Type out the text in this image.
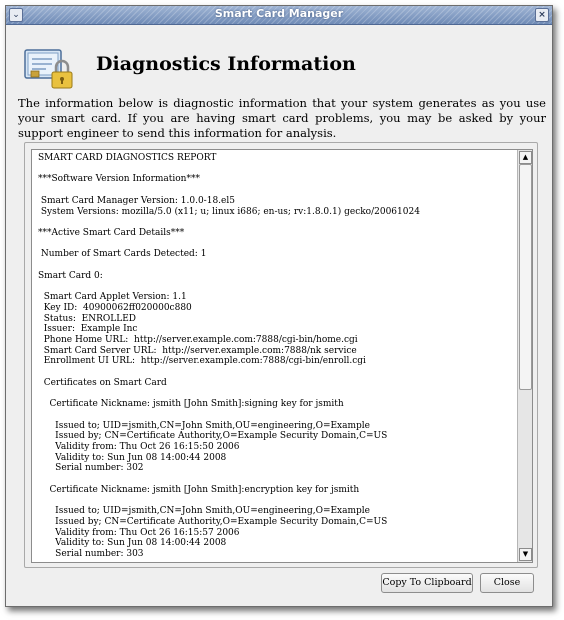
⌄	Smart Card Manager	×
Diagnostics Information
The information below is diagnostic information that your system generates as you use your smart card. If you are having smart card problems, you may be asked by your support engineer to send this information for analysis.
SMART CARD DIAGNOSTICS REPORT

***Software Version Information***

Smart Card Manager Version: 1.0.0-18.el5
System Versions: mozilla/5.0 (x11; u; linux i686; en-us; rv:1.8.0.1) gecko/20061024

***Active Smart Card Details***

Number of Smart Cards Detected: 1

Smart Card 0:

Smart Card Applet Version: 1.1
Key ID:  40900062ff020000c880
Status:  ENROLLED
Issuer:  Example Inc
Phone Home URL:  http://server.example.com:7888/cgi-bin/home.cgi
Smart Card Server URL:  http://server.example.com:7888/nk service
Enrollment UI URL:  http://server.example.com:7888/cgi-bin/enroll.cgi

Certificates on Smart Card

Certificate Nickname: jsmith [John Smith]:signing key for jsmith

Issued to; UID=jsmith,CN=John Smith,OU=engineering,O=Example
Issued by; CN=Certificate Authority,O=Example Security Domain,C=US
Validity from: Thu Oct 26 16:15:50 2006
Validity to: Sun Jun 08 14:00:44 2008
Serial number: 302

Certificate Nickname: jsmith [John Smith]:encryption key for jsmith

Issued to; UID=jsmith,CN=John Smith,OU=engineering,O=Example
Issued by; CN=Certificate Authority,O=Example Security Domain,C=US
Validity from: Thu Oct 26 16:15:57 2006
Validity to: Sun Jun 08 14:00:44 2008
Serial number: 303
▲
▼
Copy To Clipboard	Close
